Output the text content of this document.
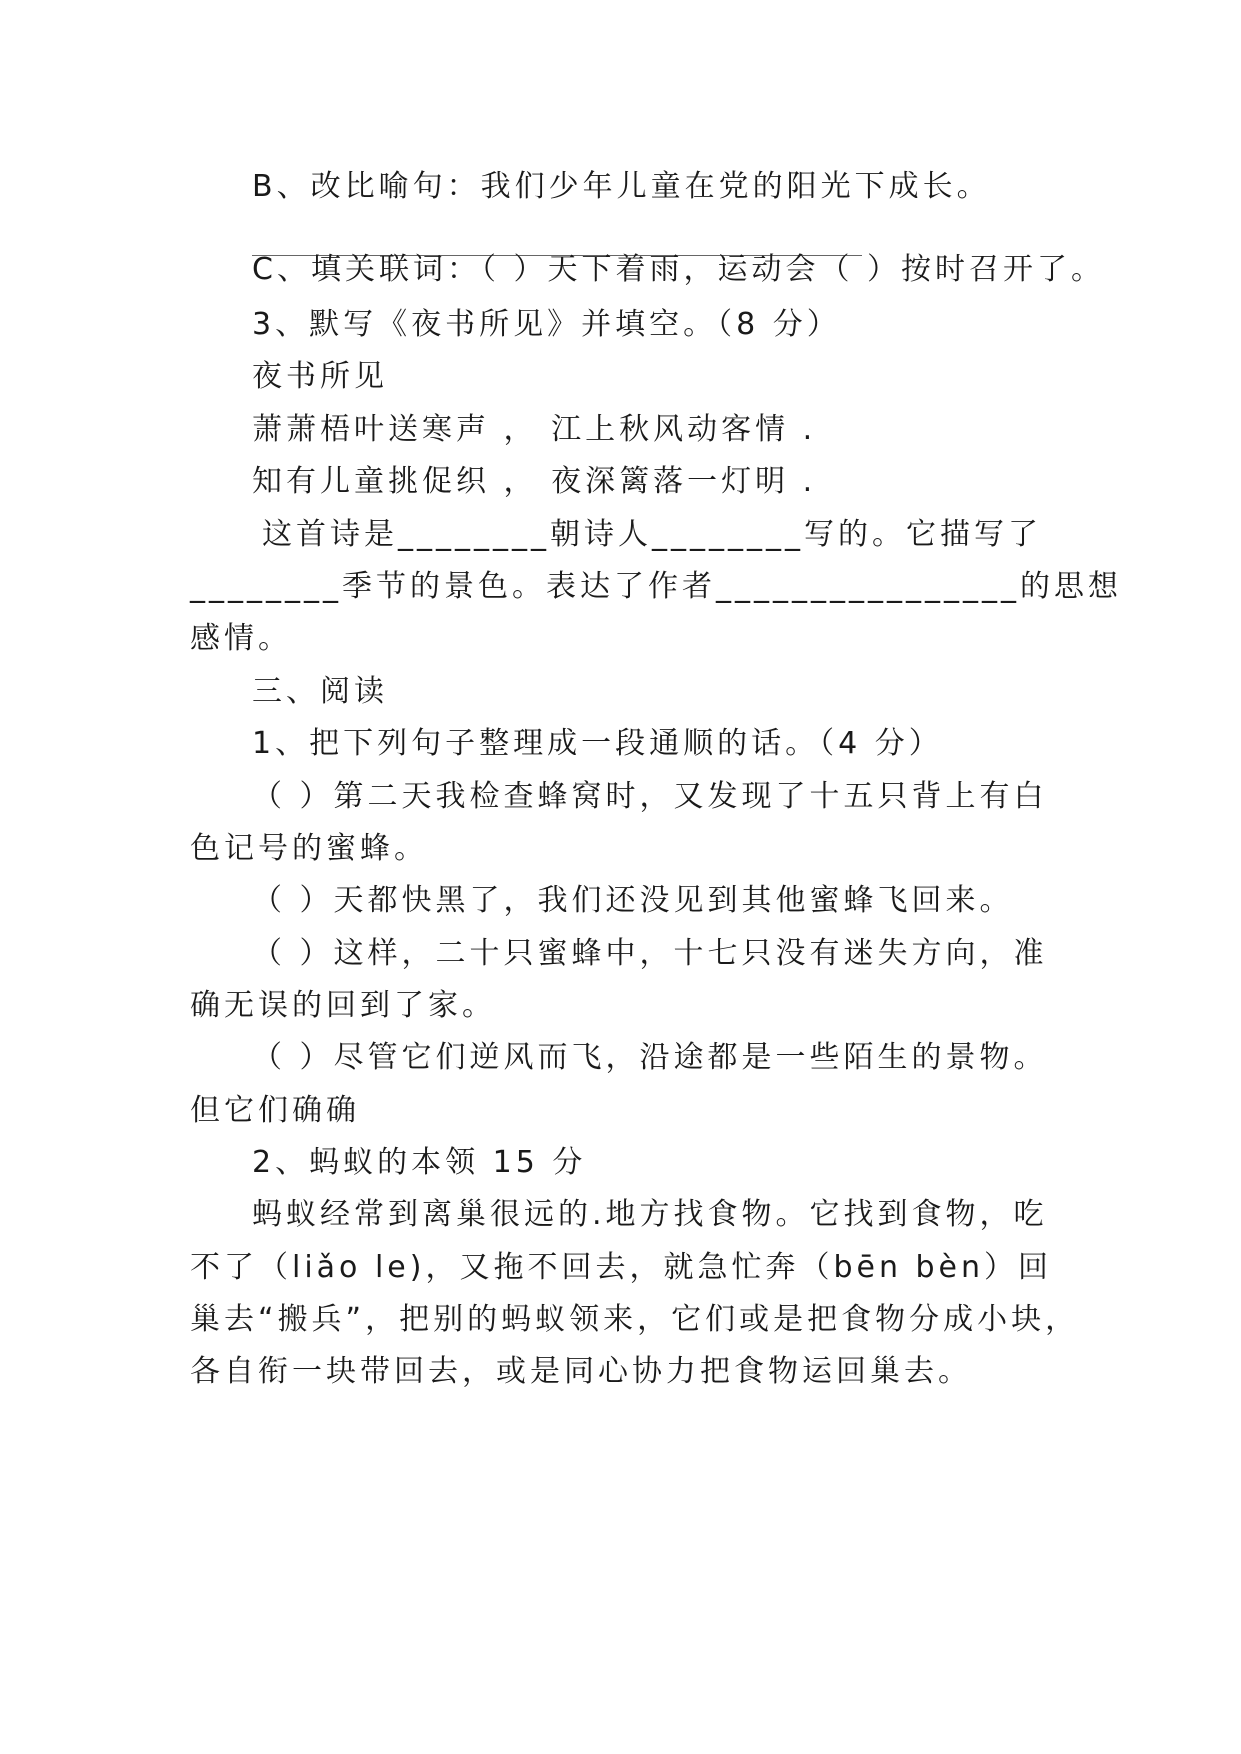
B、改比喻句：我们少年儿童在党的阳光下成长。
C、填关联词：（ ）天下着雨，运动会（ ）按时召开了。
3、默写《夜书所见》并填空。（8 分）
夜书所见
萧萧梧叶送寒声 ， 江上秋风动客情 .
知有儿童挑促织 ， 夜深篱落一灯明 .
这首诗是________朝诗人________写的。它描写了
________季节的景色。表达了作者________________的思想
感情。
三、阅读
1、把下列句子整理成一段通顺的话。（4 分）
（ ）第二天我检查蜂窝时，又发现了十五只背上有白
色记号的蜜蜂。
（ ）天都快黑了，我们还没见到其他蜜蜂飞回来。
（ ）这样，二十只蜜蜂中，十七只没有迷失方向，准
确无误的回到了家。
（ ）尽管它们逆风而飞，沿途都是一些陌生的景物。
但它们确确
2、蚂蚁的本领 15 分
蚂蚁经常到离巢很远的.地方找食物。它找到食物，吃
不了（liǎo le)，又拖不回去，就急忙奔（bēn bèn）回
巢去“搬兵”，把别的蚂蚁领来，它们或是把食物分成小块，
各自衔一块带回去，或是同心协力把食物运回巢去。
